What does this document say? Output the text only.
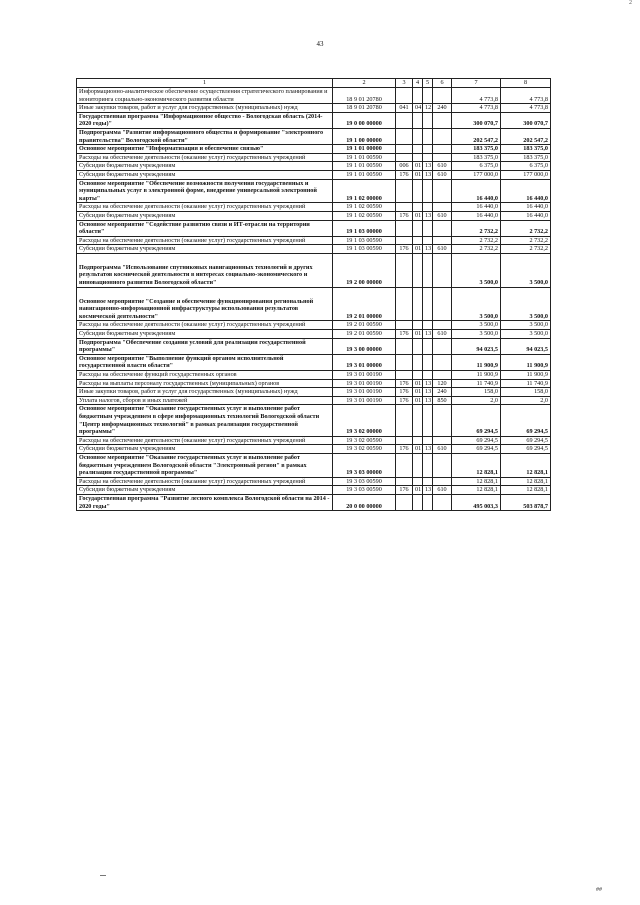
2
43
1	2	3	4	5	6	7	8
Информационно-аналитическое обеспечение осуществления стратегического планирования и мониторинга социально-экономического развития области	18 9 01 20780					4 773,8	4 773,8
Иные закупки товаров, работ и услуг для государственных (муниципальных) нужд	18 9 01 20780	041	04	12	240	4 773,8	4 773,8
Государственная программа "Информационное общество - Вологодская область (2014-2020 годы)"	19 0 00 00000					300 070,7	300 070,7
Подпрограмма "Развитие информационного общества и формирование "электронного правительства" Вологодской области"	19 1 00 00000					202 547,2	202 547,2
Основное мероприятие "Информатизация и обеспечение связью"	19 1 01 00000					183 375,0	183 375,0
Расходы на обеспечение деятельности (оказание услуг) государственных учреждений	19 1 01 00590					183 375,0	183 375,0
Субсидии бюджетным учреждениям	19 1 01 00590	006	01	13	610	6 375,0	6 375,0
Субсидии бюджетным учреждениям	19 1 01 00590	176	01	13	610	177 000,0	177 000,0
Основное мероприятие "Обеспечение возможности получения государственных и муниципальных услуг в электронной форме, внедрение универсальной электронной карты"	19 1 02 00000					16 440,0	16 440,0
Расходы на обеспечение деятельности (оказание услуг) государственных учреждений	19 1 02 00590					16 440,0	16 440,0
Субсидии бюджетным учреждениям	19 1 02 00590	176	01	13	610	16 440,0	16 440,0
Основное мероприятие "Содействие развитию связи и ИТ-отрасли на территории области"	19 1 03 00000					2 732,2	2 732,2
Расходы на обеспечение деятельности (оказание услуг) государственных учреждений	19 1 03 00590					2 732,2	2 732,2
Субсидии бюджетным учреждениям	19 1 03 00590	176	01	13	610	2 732,2	2 732,2
Подпрограмма "Использование спутниковых навигационных технологий и других результатов космической деятельности в интересах социально-экономического и инновационного развития Вологодской области"	19 2 00 00000					3 500,0	3 500,0
Основное мероприятие "Создание и обеспечение функционирования региональной навигационно-информационной инфраструктуры использования результатов космической деятельности"	19 2 01 00000					3 500,0	3 500,0
Расходы на обеспечение деятельности (оказание услуг) государственных учреждений	19 2 01 00590					3 500,0	3 500,0
Субсидии бюджетным учреждениям	19 2 01 00590	176	01	13	610	3 500,0	3 500,0
Подпрограмма "Обеспечение создания условий для реализации государственной программы"	19 3 00 00000					94 023,5	94 023,5
Основное мероприятие "Выполнение функций органом исполнительной государственной власти области"	19 3 01 00000					11 900,9	11 900,9
Расходы на обеспечение функций государственных органов	19 3 01 00190					11 900,9	11 900,9
Расходы на выплаты персоналу государственных (муниципальных) органов	19 3 01 00190	176	01	13	120	11 740,9	11 740,9
Иные закупки товаров, работ и услуг для государственных (муниципальных) нужд	19 3 01 00190	176	01	13	240	158,0	158,0
Уплата налогов, сборов и иных платежей	19 3 01 00190	176	01	13	850	2,0	2,0
Основное мероприятие "Оказание государственных услуг и выполнение работ бюджетным учреждением в сфере информационных технологий Вологодской области "Центр информационных технологий" в рамках реализации государственной программы"	19 3 02 00000					69 294,5	69 294,5
Расходы на обеспечение деятельности (оказание услуг) государственных учреждений	19 3 02 00590					69 294,5	69 294,5
Субсидии бюджетным учреждениям	19 3 02 00590	176	01	13	610	69 294,5	69 294,5
Основное мероприятие "Оказание государственных услуг и выполнение работ бюджетным учреждением Вологодской области "Электронный регион" в рамках реализации государственной программы"	19 3 03 00000					12 828,1	12 828,1
Расходы на обеспечение деятельности (оказание услуг) государственных учреждений	19 3 03 00590					12 828,1	12 828,1
Субсидии бюджетным учреждениям	19 3 03 00590	176	01	13	610	12 828,1	12 828,1
Государственная программа "Развитие лесного комплекса Вологодской области на 2014 - 2020 годы"	20 0 00 00000					495 003,3	503 878,7
##
